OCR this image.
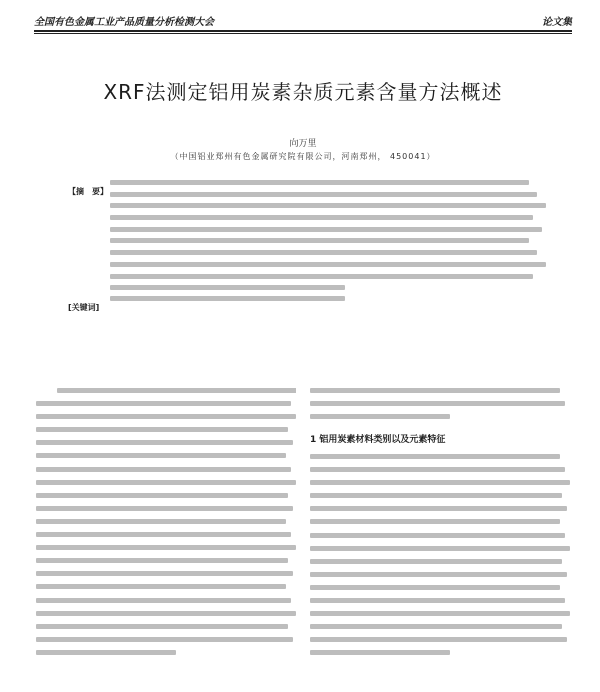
全国有色金属工业产品质量分析检测大会	论文集
XRF法测定铝用炭素杂质元素含量方法概述
向万里
（中国铝业郑州有色金属研究院有限公司，河南郑州， 450041）
【摘　要】
[关键词]
1 铝用炭素材料类别以及元素特征
